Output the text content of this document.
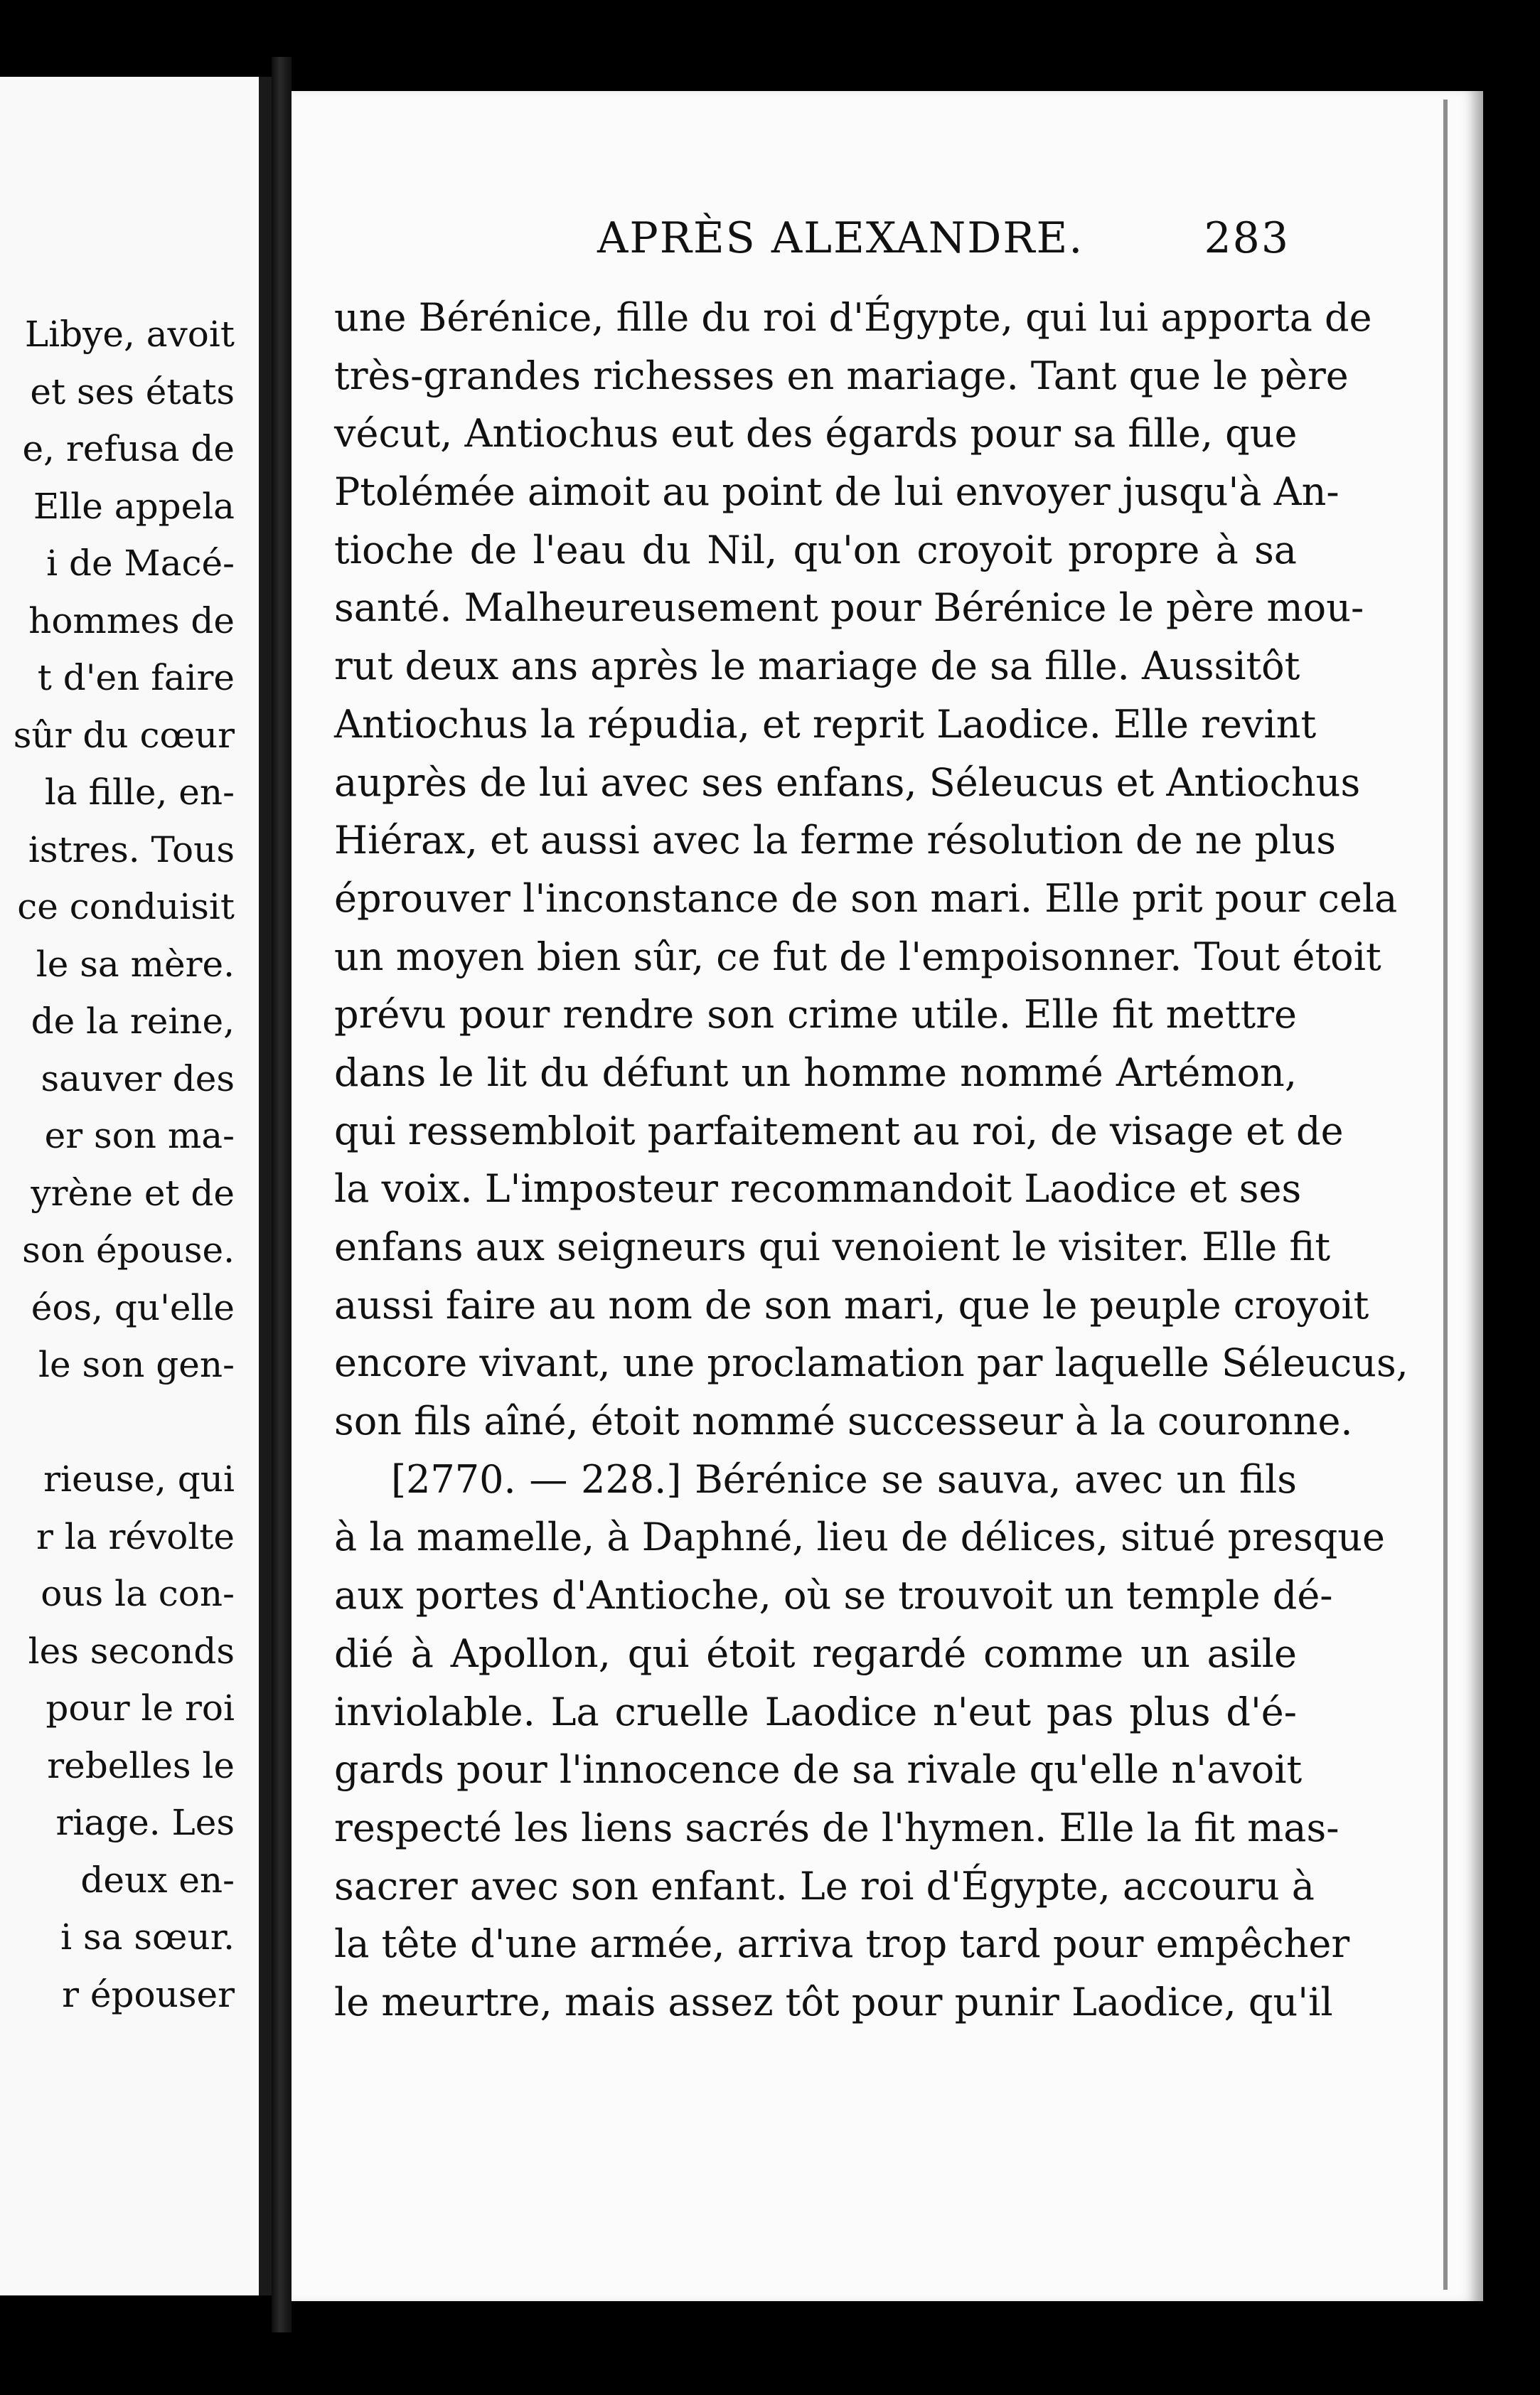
Libye, avoit
et ses états
e, refusa de
Elle appela
i de Macé-
hommes de
t d'en faire
sûr du cœur
la fille, en-
istres. Tous
ce conduisit
le sa mère.
de la reine,
sauver des
er son ma-
yrène et de
son épouse.
éos, qu'elle
le son gen-
rieuse, qui
r la révolte
ous la con-
les seconds
pour le roi
rebelles le
riage. Les
deux en-
i sa sœur.
r épouser
APRÈS ALEXANDRE.	283
une Bérénice, fille du roi d'Égypte, qui lui apporta de
très-grandes richesses en mariage. Tant que le père
vécut, Antiochus eut des égards pour sa fille, que
Ptolémée aimoit au point de lui envoyer jusqu'à An-
tioche de l'eau du Nil, qu'on croyoit propre à sa
santé. Malheureusement pour Bérénice le père mou-
rut deux ans après le mariage de sa fille. Aussitôt
Antiochus la répudia, et reprit Laodice. Elle revint
auprès de lui avec ses enfans, Séleucus et Antiochus
Hiérax, et aussi avec la ferme résolution de ne plus
éprouver l'inconstance de son mari. Elle prit pour cela
un moyen bien sûr, ce fut de l'empoisonner. Tout étoit
prévu pour rendre son crime utile. Elle fit mettre
dans le lit du défunt un homme nommé Artémon,
qui ressembloit parfaitement au roi, de visage et de
la voix. L'imposteur recommandoit Laodice et ses
enfans aux seigneurs qui venoient le visiter. Elle fit
aussi faire au nom de son mari, que le peuple croyoit
encore vivant, une proclamation par laquelle Séleucus,
son fils aîné, étoit nommé successeur à la couronne.
[2770. — 228.] Bérénice se sauva, avec un fils
à la mamelle, à Daphné, lieu de délices, situé presque
aux portes d'Antioche, où se trouvoit un temple dé-
dié à Apollon, qui étoit regardé comme un asile
inviolable. La cruelle Laodice n'eut pas plus d'é-
gards pour l'innocence de sa rivale qu'elle n'avoit
respecté les liens sacrés de l'hymen. Elle la fit mas-
sacrer avec son enfant. Le roi d'Égypte, accouru à
la tête d'une armée, arriva trop tard pour empêcher
le meurtre, mais assez tôt pour punir Laodice, qu'il
